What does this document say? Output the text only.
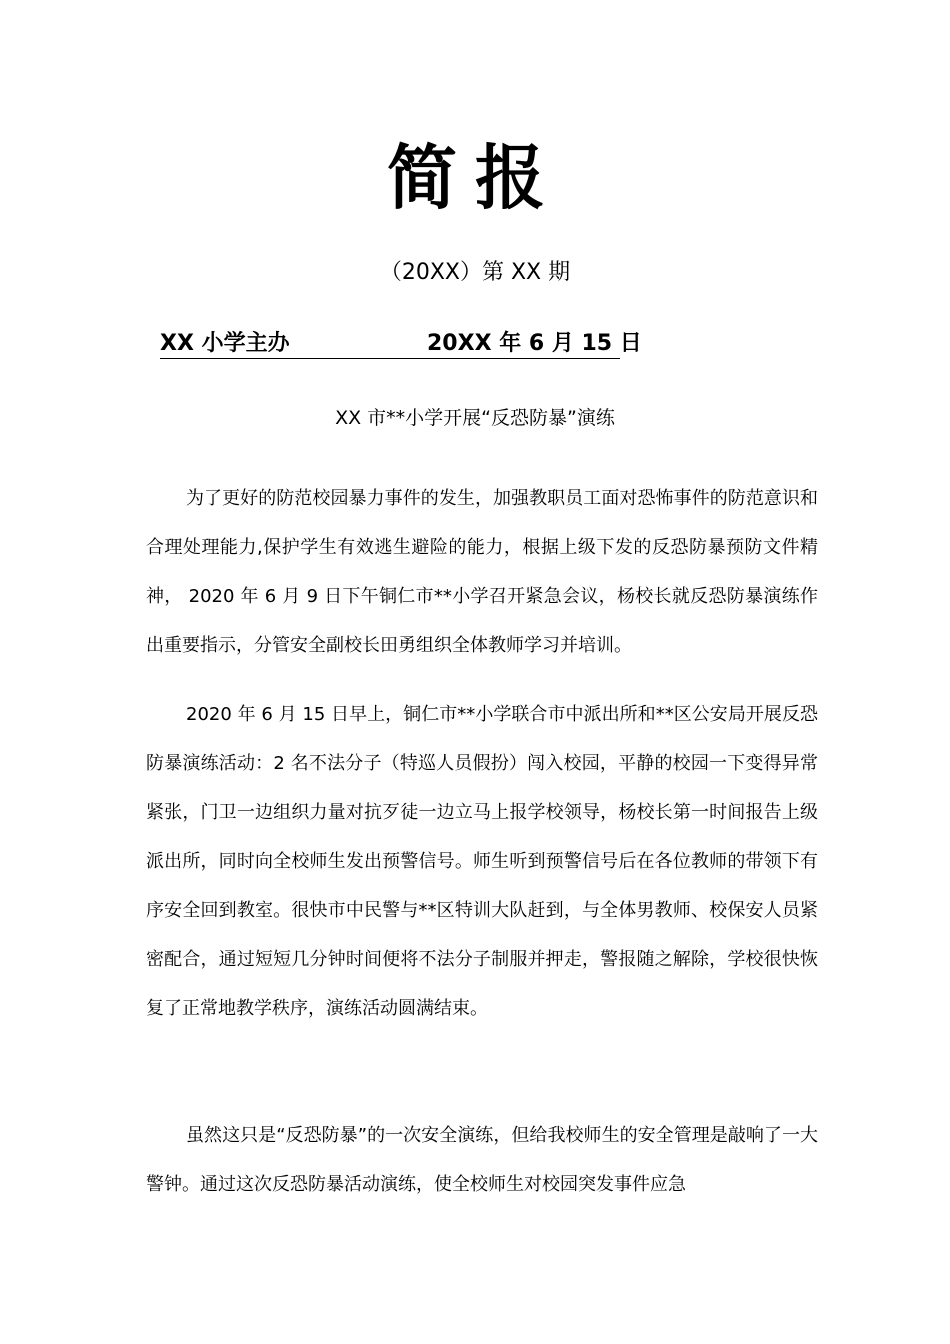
简报
（20XX）第 XX 期
XX 小学主办	20XX 年 6 月 15 日
XX 市**小学开展“反恐防暴”演练

为了更好的防范校园暴力事件的发生，加强教职员工面对恐怖事件的防范意识和合理处理能力,保护学生有效逃生避险的能力，根据上级下发的反恐防暴预防文件精神， 2020 年 6 月 9 日下午铜仁市**小学召开紧急会议，杨校长就反恐防暴演练作出重要指示，分管安全副校长田勇组织全体教师学习并培训。

2020 年 6 月 15 日早上，铜仁市**小学联合市中派出所和**区公安局开展反恐防暴演练活动：2 名不法分子（特巡人员假扮）闯入校园，平静的校园一下变得异常紧张，门卫一边组织力量对抗歹徒一边立马上报学校领导，杨校长第一时间报告上级派出所，同时向全校师生发出预警信号。师生听到预警信号后在各位教师的带领下有序安全回到教室。很快市中民警与**区特训大队赶到，与全体男教师、校保安人员紧密配合，通过短短几分钟时间便将不法分子制服并押走，警报随之解除，学校很快恢复了正常地教学秩序，演练活动圆满结束。

虽然这只是“反恐防暴”的一次安全演练，但给我校师生的安全管理是敲响了一大警钟。通过这次反恐防暴活动演练，使全校师生对校园突发事件应急
